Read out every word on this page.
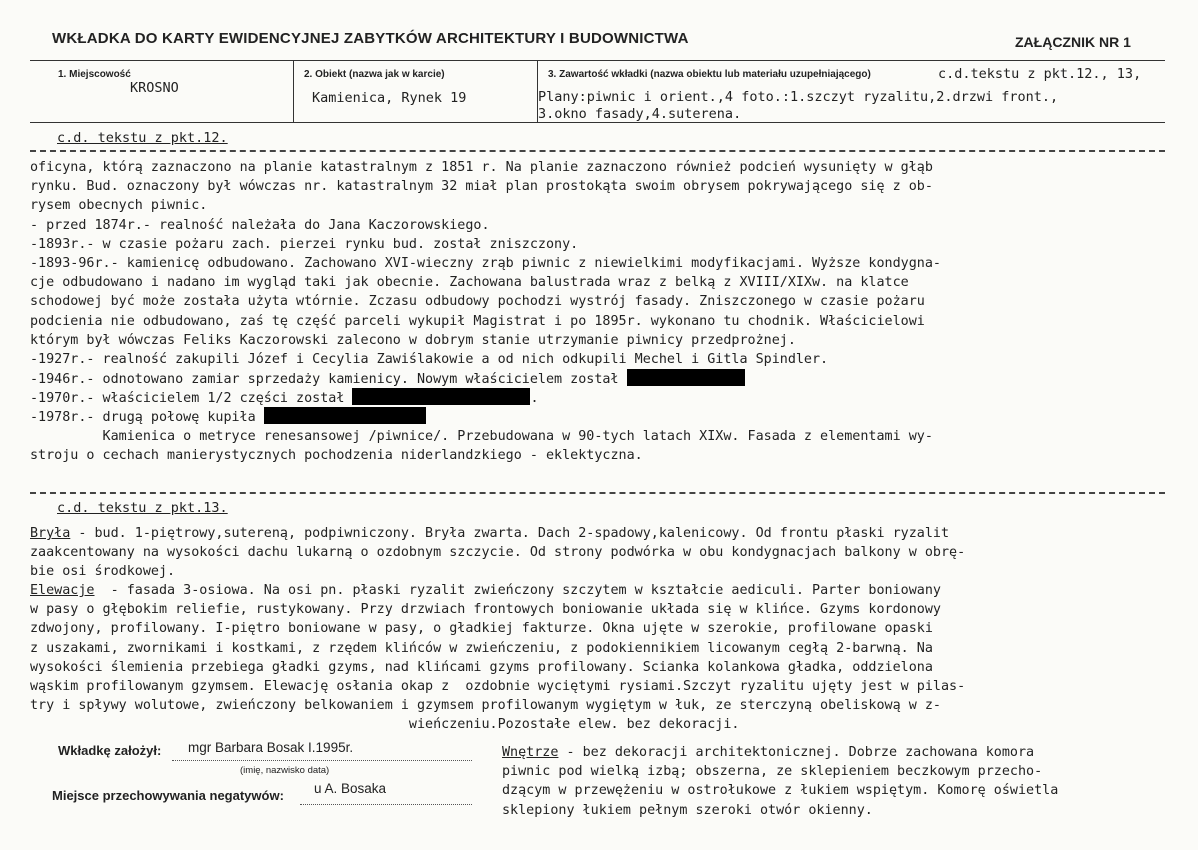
WKŁADKA DO KARTY EWIDENCYJNEJ ZABYTKÓW ARCHITEKTURY I BUDOWNICTWA	ZAŁĄCZNIK NR 1
1. Miejscowość
KROSNO
2. Obiekt (nazwa jak w karcie)
Kamienica, Rynek 19
3. Zawartość wkładki (nazwa obiektu lub materiału uzupełniającego)	c.d.tekstu z pkt.12., 13,
Plany:piwnic i orient.,4 foto.:1.szczyt ryzalitu,2.drzwi front.,
3.okno fasady,4.suterena.
c.d. tekstu z pkt.12.
oficyna, którą zaznaczono na planie katastralnym z 1851 r. Na planie zaznaczono również podcień wysunięty w głąb
rynku. Bud. oznaczony był wówczas nr. katastralnym 32 miał plan prostokąta swoim obrysem pokrywającego się z ob-
rysem obecnych piwnic.
- przed 1874r.- realność należała do Jana Kaczorowskiego.
-1893r.- w czasie pożaru zach. pierzei rynku bud. został zniszczony.
-1893-96r.- kamienicę odbudowano. Zachowano XVI-wieczny zrąb piwnic z niewielkimi modyfikacjami. Wyższe kondygna-
cje odbudowano i nadano im wygląd taki jak obecnie. Zachowana balustrada wraz z belką z XVIII/XIXw. na klatce
schodowej być może została użyta wtórnie. Zczasu odbudowy pochodzi wystrój fasady. Zniszczonego w czasie pożaru
podcienia nie odbudowano, zaś tę część parceli wykupił Magistrat i po 1895r. wykonano tu chodnik. Właścicielowi
którym był wówczas Feliks Kaczorowski zalecono w dobrym stanie utrzymanie piwnicy przedprożnej.
-1927r.- realność zakupili Józef i Cecylia Zawiślakowie a od nich odkupili Mechel i Gitla Spindler.
-1946r.- odnotowano zamiar sprzedaży kamienicy. Nowym właścicielem został
-1970r.- właścicielem 1/2 części został	.
-1978r.- drugą połowę kupiła
Kamienica o metryce renesansowej /piwnice/. Przebudowana w 90-tych latach XIXw. Fasada z elementami wy-
stroju o cechach manierystycznych pochodzenia niderlandzkiego - eklektyczna.
c.d. tekstu z pkt.13.
Bryła - bud. 1-piętrowy,sutereną, podpiwniczony. Bryła zwarta. Dach 2-spadowy,kalenicowy. Od frontu płaski ryzalit
zaakcentowany na wysokości dachu lukarną o ozdobnym szczycie. Od strony podwórka w obu kondygnacjach balkony w obrę-
bie osi środkowej.
Elewacje  - fasada 3-osiowa. Na osi pn. płaski ryzalit zwieńczony szczytem w kształcie aediculi. Parter boniowany
w pasy o głębokim reliefie, rustykowany. Przy drzwiach frontowych boniowanie układa się w klińce. Gzyms kordonowy
zdwojony, profilowany. I-piętro boniowane w pasy, o gładkiej fakturze. Okna ujęte w szerokie, profilowane opaski
z uszakami, zwornikami i kostkami, z rzędem klińców w zwieńczeniu, z podokiennikiem licowanym cegłą 2-barwną. Na
wysokości ślemienia przebiega gładki gzyms, nad klińcami gzyms profilowany. Scianka kolankowa gładka, oddzielona
wąskim profilowanym gzymsem. Elewację osłania okap z  ozdobnie wyciętymi rysiami.Szczyt ryzalitu ujęty jest w pilas-
try i spływy wolutowe, zwieńczony belkowaniem i gzymsem profilowanym wygiętym w łuk, ze sterczyną obeliskową w z-
wieńczeniu.Pozostałe elew. bez dekoracji.
Wkładkę założył: mgr Barbara Bosak I.1995r.
(imię, nazwisko data)
Miejsce przechowywania negatywów: u A. Bosaka
Wnętrze - bez dekoracji architektonicznej. Dobrze zachowana komora
piwnic pod wielką izbą; obszerna, ze sklepieniem beczkowym przecho-
dzącym w przewężeniu w ostrołukowe z łukiem wspiętym. Komorę oświetla
sklepiony łukiem pełnym szeroki otwór okienny.
